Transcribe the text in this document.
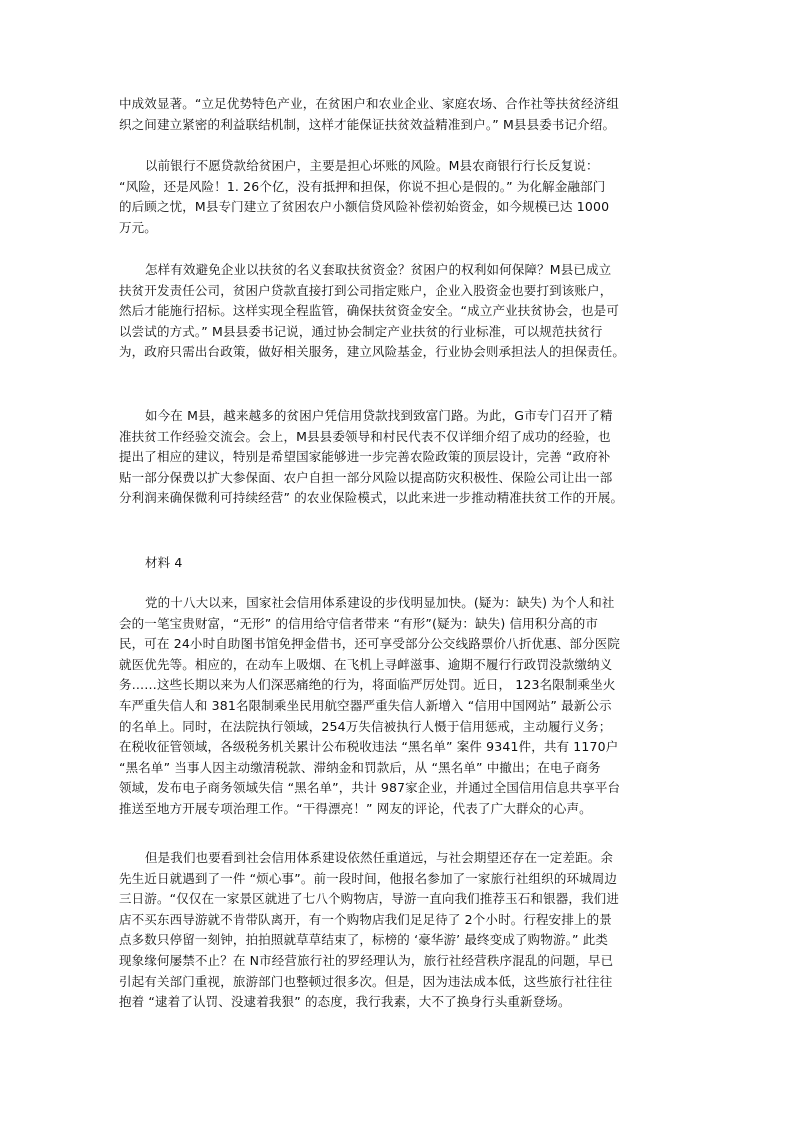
中成效显著。“立足优势特色产业，在贫困户和农业企业、家庭农场、合作社等扶贫经济组
织之间建立紧密的利益联结机制，这样才能保证扶贫效益精准到户。” M县县委书记介绍。
以前银行不愿贷款给贫困户，主要是担心坏账的风险。M县农商银行行长反复说：
“风险，还是风险！1. 26个亿，没有抵押和担保，你说不担心是假的。” 为化解金融部门
的后顾之忧，M县专门建立了贫困农户小额信贷风险补偿初始资金，如今规模已达 1000
万元。
怎样有效避免企业以扶贫的名义套取扶贫资金？贫困户的权利如何保障？M县已成立
扶贫开发责任公司，贫困户贷款直接打到公司指定账户，企业入股资金也要打到该账户，
然后才能施行招标。这样实现全程监管，确保扶贫资金安全。“成立产业扶贫协会，也是可
以尝试的方式。” M县县委书记说，通过协会制定产业扶贫的行业标准，可以规范扶贫行
为，政府只需出台政策，做好相关服务，建立风险基金，行业协会则承担法人的担保责任。
如今在 M县，越来越多的贫困户凭信用贷款找到致富门路。为此，G市专门召开了精
准扶贫工作经验交流会。会上，M县县委领导和村民代表不仅详细介绍了成功的经验，也
提出了相应的建议，特别是希望国家能够进一步完善农险政策的顶层设计，完善 “政府补
贴一部分保费以扩大参保面、农户自担一部分风险以提高防灾积极性、保险公司让出一部
分利润来确保微利可持续经营” 的农业保险模式，以此来进一步推动精准扶贫工作的开展。
材料 4
党的十八大以来，国家社会信用体系建设的步伐明显加快。(疑为：缺失) 为个人和社
会的一笔宝贵财富，“无形” 的信用给守信者带来 “有形”(疑为：缺失) 信用积分高的市
民，可在 24小时自助图书馆免押金借书，还可享受部分公交线路票价八折优惠、部分医院
就医优先等。相应的，在动车上吸烟、在飞机上寻衅滋事、逾期不履行行政罚没款缴纳义
务……这些长期以来为人们深恶痛绝的行为，将面临严厉处罚。近日， 123名限制乘坐火
车严重失信人和 381名限制乘坐民用航空器严重失信人新增入 “信用中国网站” 最新公示
的名单上。同时，在法院执行领域，254万失信被执行人慑于信用惩戒，主动履行义务；
在税收征管领域，各级税务机关累计公布税收违法 “黑名单” 案件 9341件，共有 1170户
“黑名单” 当事人因主动缴清税款、滞纳金和罚款后，从 “黑名单” 中撤出；在电子商务
领域，发布电子商务领域失信 “黑名单”，共计 987家企业，并通过全国信用信息共享平台
推送至地方开展专项治理工作。“干得漂亮！” 网友的评论，代表了广大群众的心声。
但是我们也要看到社会信用体系建设依然任重道远，与社会期望还存在一定差距。余
先生近日就遇到了一件 “烦心事”。前一段时间，他报名参加了一家旅行社组织的环城周边
三日游。“仅仅在一家景区就进了七八个购物店，导游一直向我们推荐玉石和银器，我们进
店不买东西导游就不肯带队离开，有一个购物店我们足足待了 2个小时。行程安排上的景
点多数只停留一刻钟，拍拍照就草草结束了，标榜的 ‘豪华游’ 最终变成了购物游。” 此类
现象缘何屡禁不止？在 N市经营旅行社的罗经理认为，旅行社经营秩序混乱的问题，早已
引起有关部门重视，旅游部门也整顿过很多次。但是，因为违法成本低，这些旅行社往往
抱着 “逮着了认罚、没逮着我狠” 的态度，我行我素，大不了换身行头重新登场。
